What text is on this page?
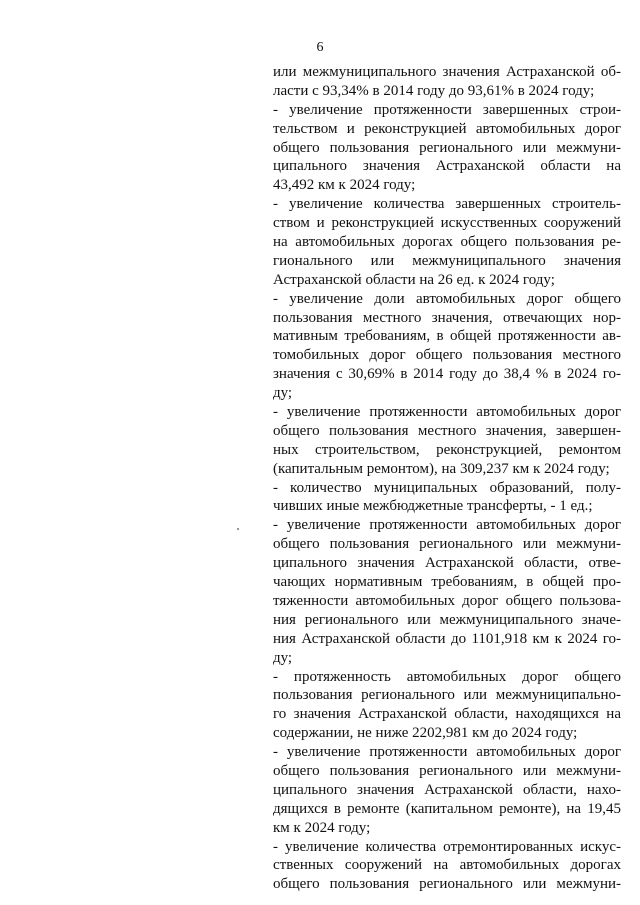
6
или межмуниципального значения Астраханской об-
ласти с 93,34% в 2014 году до 93,61% в 2024 году;
- увеличение протяженности завершенных строи-
тельством и реконструкцией автомобильных дорог
общего пользования регионального или межмуни-
ципального значения Астраханской области на
43,492 км к 2024 году;
- увеличение количества завершенных строитель-
ством и реконструкцией искусственных сооружений
на автомобильных дорогах общего пользования ре-
гионального или межмуниципального значения
Астраханской области на 26 ед. к 2024 году;
- увеличение доли автомобильных дорог общего
пользования местного значения, отвечающих нор-
мативным требованиям, в общей протяженности ав-
томобильных дорог общего пользования местного
значения с 30,69% в 2014 году до 38,4 % в 2024 го-
ду;
- увеличение протяженности автомобильных дорог
общего пользования местного значения, завершен-
ных строительством, реконструкцией, ремонтом
(капитальным ремонтом), на 309,237 км к 2024 году;
- количество муниципальных образований, полу-
чивших иные межбюджетные трансферты, - 1 ед.;
- увеличение протяженности автомобильных дорог
общего пользования регионального или межмуни-
ципального значения Астраханской области, отве-
чающих нормативным требованиям, в общей про-
тяженности автомобильных дорог общего пользова-
ния регионального или межмуниципального значе-
ния Астраханской области до 1101,918 км к 2024 го-
ду;
- протяженность автомобильных дорог общего
пользования регионального или межмуниципально-
го значения Астраханской области, находящихся на
содержании, не ниже 2202,981 км до 2024 году;
- увеличение протяженности автомобильных дорог
общего пользования регионального или межмуни-
ципального значения Астраханской области, нахо-
дящихся в ремонте (капитальном ремонте), на 19,45
км к 2024 году;
- увеличение количества отремонтированных искус-
ственных сооружений на автомобильных дорогах
общего пользования регионального или межмуни-
